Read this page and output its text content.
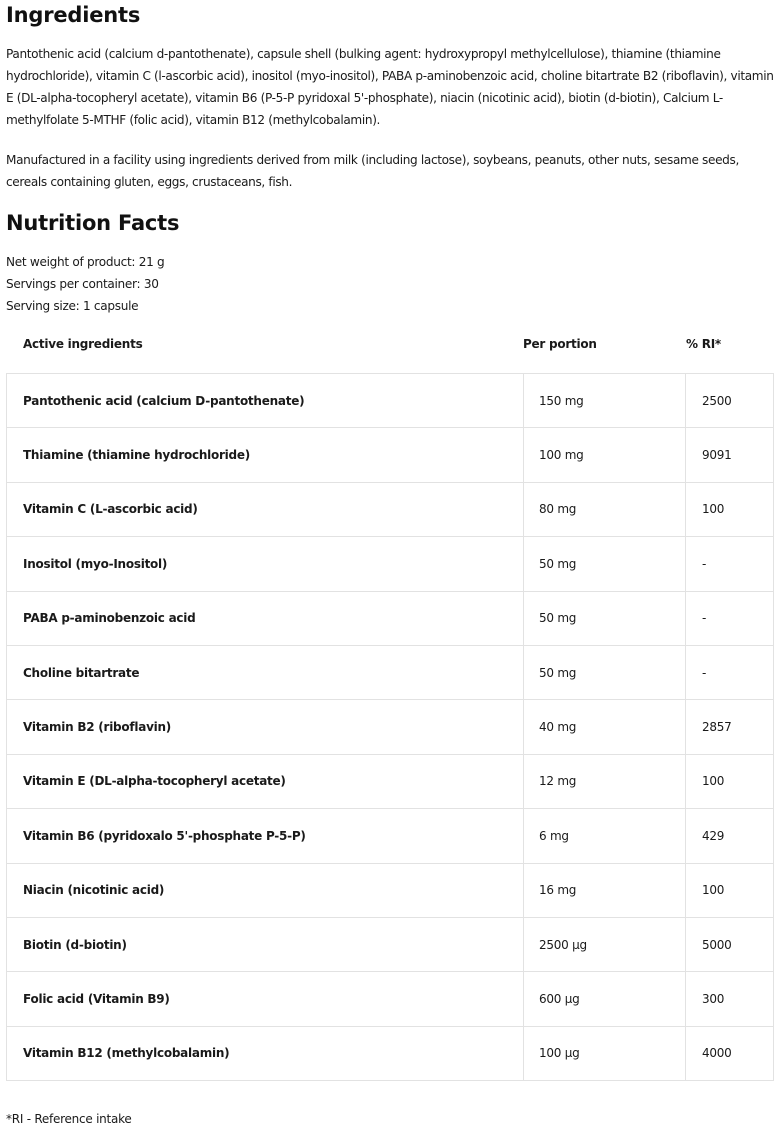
Ingredients

Pantothenic acid (calcium d-pantothenate), capsule shell (bulking agent: hydroxypropyl methylcellulose), thiamine (thiamine hydrochloride), vitamin C (l-ascorbic acid), inositol (myo-inositol), PABA p-aminobenzoic acid, choline bitartrate B2 (riboflavin), vitamin E (DL-alpha-tocopheryl acetate), vitamin B6 (P-5-P pyridoxal 5'-phosphate), niacin (nicotinic acid), biotin (d-biotin), Calcium L-methylfolate 5-MTHF (folic acid), vitamin B12 (methylcobalamin).

Manufactured in a facility using ingredients derived from milk (including lactose), soybeans, peanuts, other nuts, sesame seeds, cereals containing gluten, eggs, crustaceans, fish.

Nutrition Facts

Net weight of product: 21 g

Servings per container: 30

Serving size: 1 capsule

Active ingredients	Per portion	% RI*
Pantothenic acid (calcium D-pantothenate)	150 mg	2500
Thiamine (thiamine hydrochloride)	100 mg	9091
Vitamin C (L-ascorbic acid)	80 mg	100
Inositol (myo-Inositol)	50 mg	-
PABA p-aminobenzoic acid	50 mg	-
Choline bitartrate	50 mg	-
Vitamin B2 (riboflavin)	40 mg	2857
Vitamin E (DL-alpha-tocopheryl acetate)	12 mg	100
Vitamin B6 (pyridoxalo 5'-phosphate P-5-P)	6 mg	429
Niacin (nicotinic acid)	16 mg	100
Biotin (d-biotin)	2500 µg	5000
Folic acid (Vitamin B9)	600 µg	300
Vitamin B12 (methylcobalamin)	100 µg	4000
*RI - Reference intake
